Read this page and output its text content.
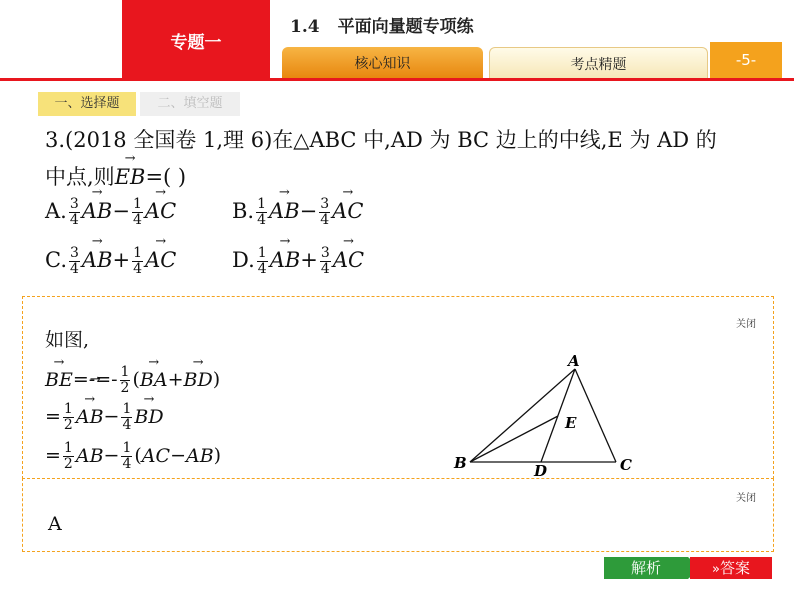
专题一
1.4 平面向量题专项练
核心知识	考点精题	-5-
一、选择题	二、填空题
3.(2018 全国卷 1,理 6)在△ABC 中,AD 为 BC 边上的中线,E 为 AD 的
中点,则→ EB=( )
A. $\frac{3}{4}$
→ $AB- \frac{1}{4}$
→ AC	B. $\frac{1}{4}$
→ $AB- \frac{3}{4}$
→ AC
C. $\frac{3}{4}$
→ $AB+ \frac{1}{4}$
→ AC	D. $\frac{1}{4}$
→ $AB+ \frac{3}{4}$
→ AC
关闭
如图,
→ $BE=-=- \frac{1}{2}$ (→ BA+→ BD)
= $\frac{1}{2}$
→ $AB- \frac{1}{4}$
→ BD
= $\frac{1}{2}$
→ $AB- \frac{1}{4}$ (→ AC−→ AB)
A
B	C
D
E
关闭
A
解析	»答案
